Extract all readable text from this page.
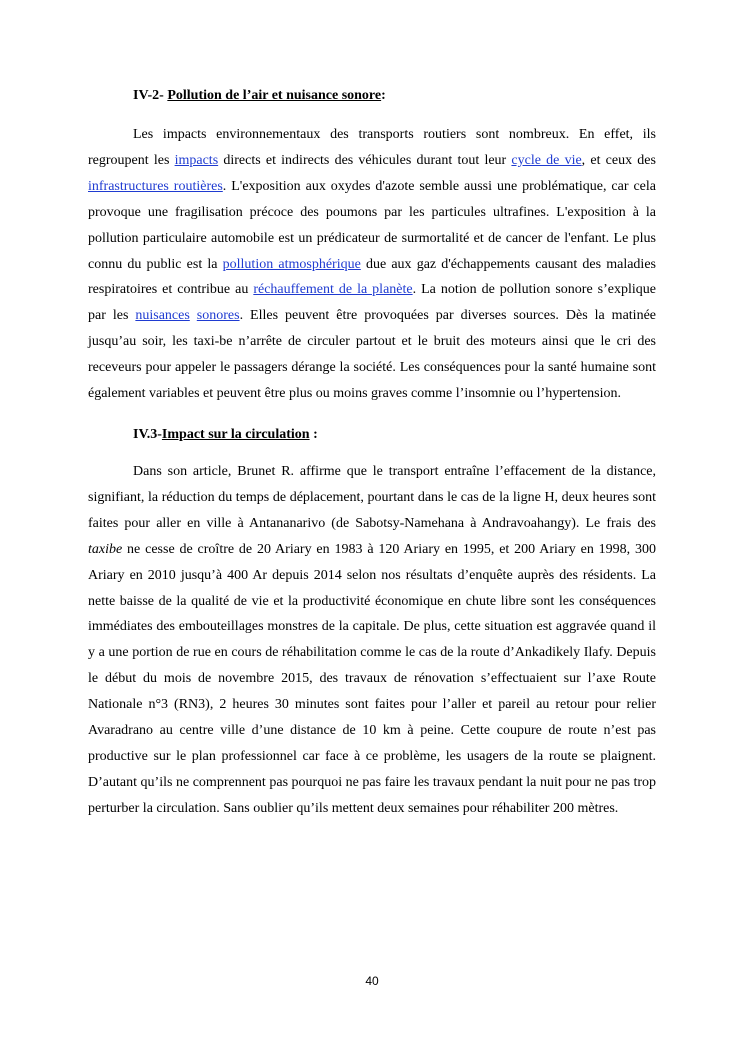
IV-2- Pollution de l’air et nuisance sonore:

Les impacts environnementaux des transports routiers sont nombreux. En effet, ils regroupent les impacts directs et indirects des véhicules durant tout leur cycle de vie, et ceux des infrastructures routières. L'exposition aux oxydes d'azote semble aussi une problématique, car cela provoque une fragilisation précoce des poumons par les particules ultrafines. L'exposition à la pollution particulaire automobile est un prédicateur de surmortalité et de cancer de l'enfant. Le plus connu du public est la pollution atmosphérique due aux gaz d'échappements causant des maladies respiratoires et contribue au réchauffement de la planète. La notion de pollution sonore s’explique par les nuisances sonores. Elles peuvent être provoquées par diverses sources. Dès la matinée jusqu’au soir, les taxi-be n’arrête de circuler partout et le bruit des moteurs ainsi que le cri des receveurs pour appeler le passagers dérange la société. Les conséquences pour la santé humaine sont également variables et peuvent être plus ou moins graves comme l’insomnie ou l’hypertension.

IV.3-Impact sur la circulation :

Dans son article, Brunet R. affirme que le transport entraîne l’effacement de la distance, signifiant, la réduction du temps de déplacement, pourtant dans le cas de la ligne H, deux heures sont faites pour aller en ville à Antananarivo (de Sabotsy-Namehana à Andravoahangy). Le frais des taxibe ne cesse de croître de 20 Ariary en 1983 à 120 Ariary en 1995, et 200 Ariary en 1998, 300 Ariary en 2010 jusqu’à 400 Ar depuis 2014 selon nos résultats d’enquête auprès des résidents. La nette baisse de la qualité de vie et la productivité économique en chute libre sont les conséquences immédiates des embouteillages monstres de la capitale. De plus, cette situation est aggravée quand il y a une portion de rue en cours de réhabilitation comme le cas de la route d’Ankadikely Ilafy. Depuis le début du mois de novembre 2015, des travaux de rénovation s’effectuaient sur l’axe Route Nationale n°3 (RN3), 2 heures 30 minutes sont faites pour l’aller et pareil au retour pour relier Avaradrano au centre ville d’une distance de 10 km à peine. Cette coupure de route n’est pas productive sur le plan professionnel car face à ce problème, les usagers de la route se plaignent. D’autant qu’ils ne comprennent pas pourquoi ne pas faire les travaux pendant la nuit pour ne pas trop perturber la circulation. Sans oublier qu’ils mettent deux semaines pour réhabiliter 200 mètres.

40
